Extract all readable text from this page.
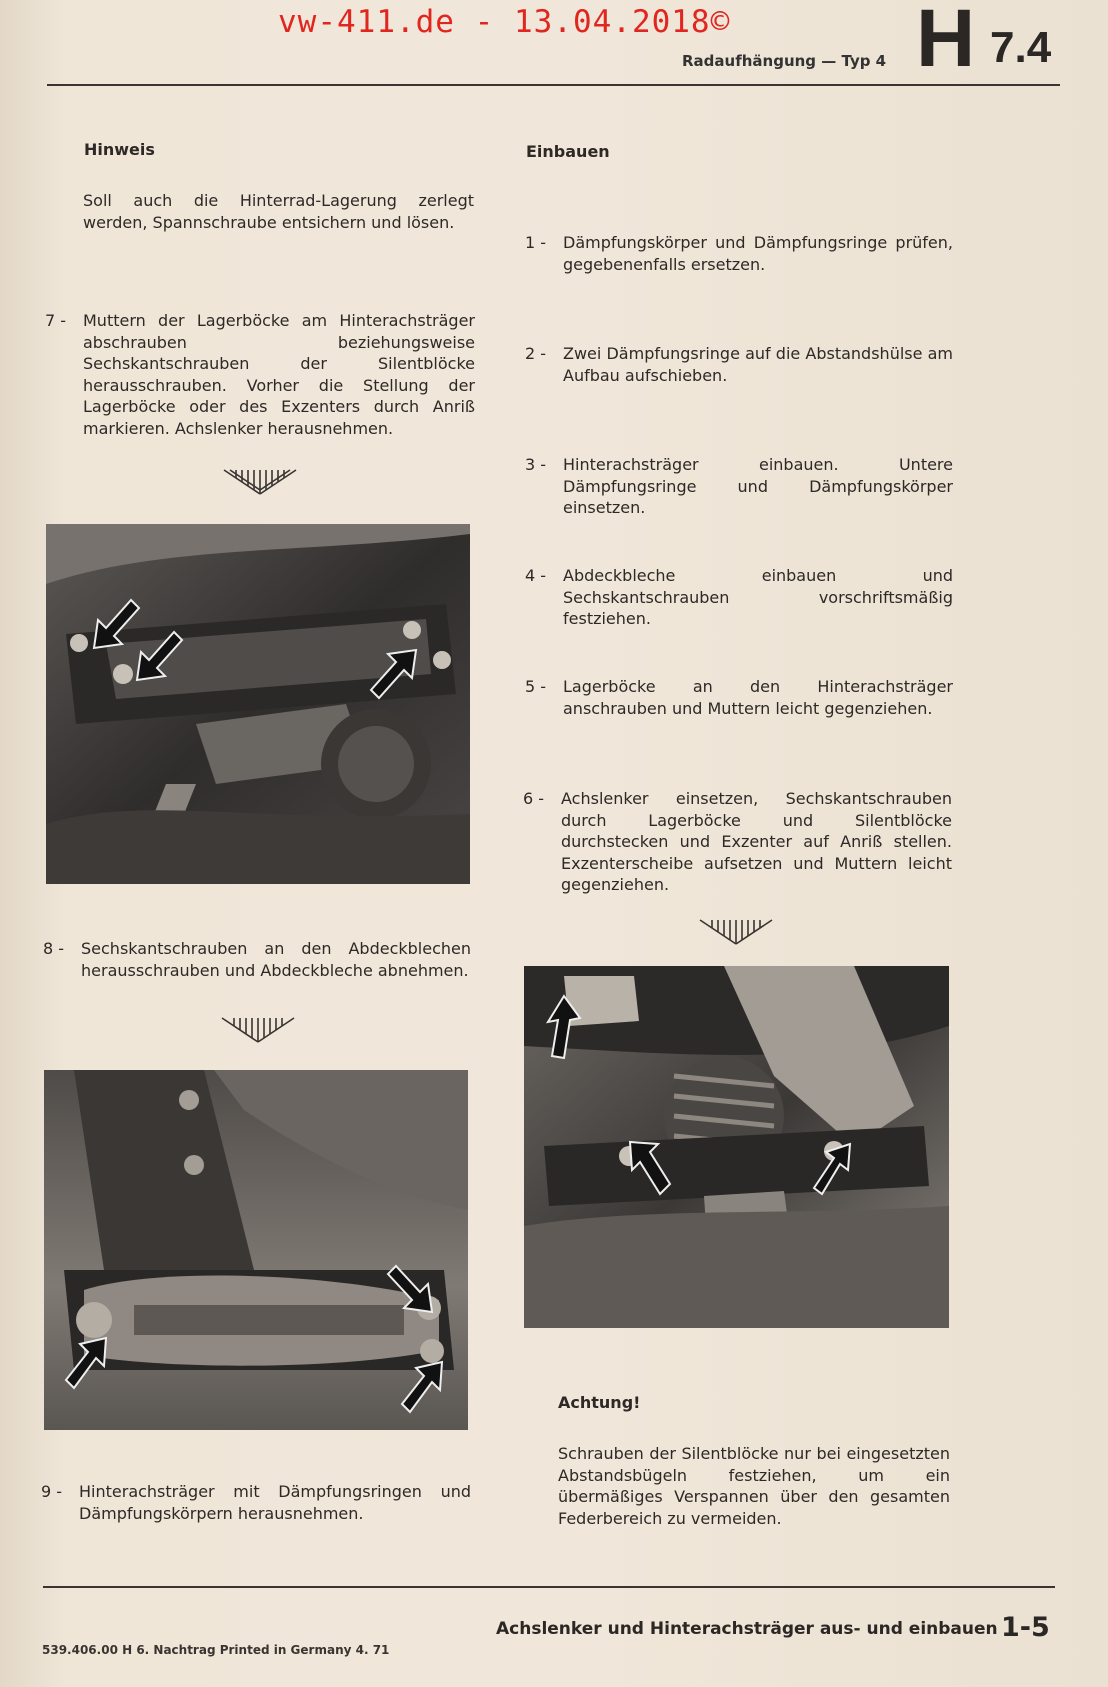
vw-411.de - 13.04.2018©
Radaufhängung — Typ 4 H 7.4
Hinweis
Soll auch die Hinterrad-Lagerung zerlegt werden, Spannschraube entsichern und lösen.
7 - Muttern der Lagerböcke am Hinterachsträger abschrauben beziehungsweise Sechskantschrauben der Silentblöcke herausschrauben. Vorher die Stellung der Lagerböcke oder des Exzenters durch Anriß markieren. Achslenker herausnehmen.
8 - Sechskantschrauben an den Abdeckblechen herausschrauben und Abdeckbleche abnehmen.
9 - Hinterachsträger mit Dämpfungsringen und Dämpfungskörpern herausnehmen.
Einbauen
1 - Dämpfungskörper und Dämpfungsringe prüfen, gegebenenfalls ersetzen.
2 - Zwei Dämpfungsringe auf die Abstandshülse am Aufbau aufschieben.
3 - Hinterachsträger einbauen. Untere Dämpfungsringe und Dämpfungskörper einsetzen.
4 - Abdeckbleche einbauen und Sechskantschrauben vorschriftsmäßig festziehen.
5 - Lagerböcke an den Hinterachsträger anschrauben und Muttern leicht gegenziehen.
6 - Achslenker einsetzen, Sechskantschrauben durch Lagerböcke und Silentblöcke durchstecken und Exzenter auf Anriß stellen. Exzenterscheibe aufsetzen und Muttern leicht gegenziehen.
Achtung!
Schrauben der Silentblöcke nur bei eingesetzten Abstandsbügeln festziehen, um ein übermäßiges Verspannen über den gesamten Federbereich zu vermeiden.
Achslenker und Hinterachsträger aus- und einbauen 1-5
539.406.00 H 6. Nachtrag Printed in Germany 4. 71
